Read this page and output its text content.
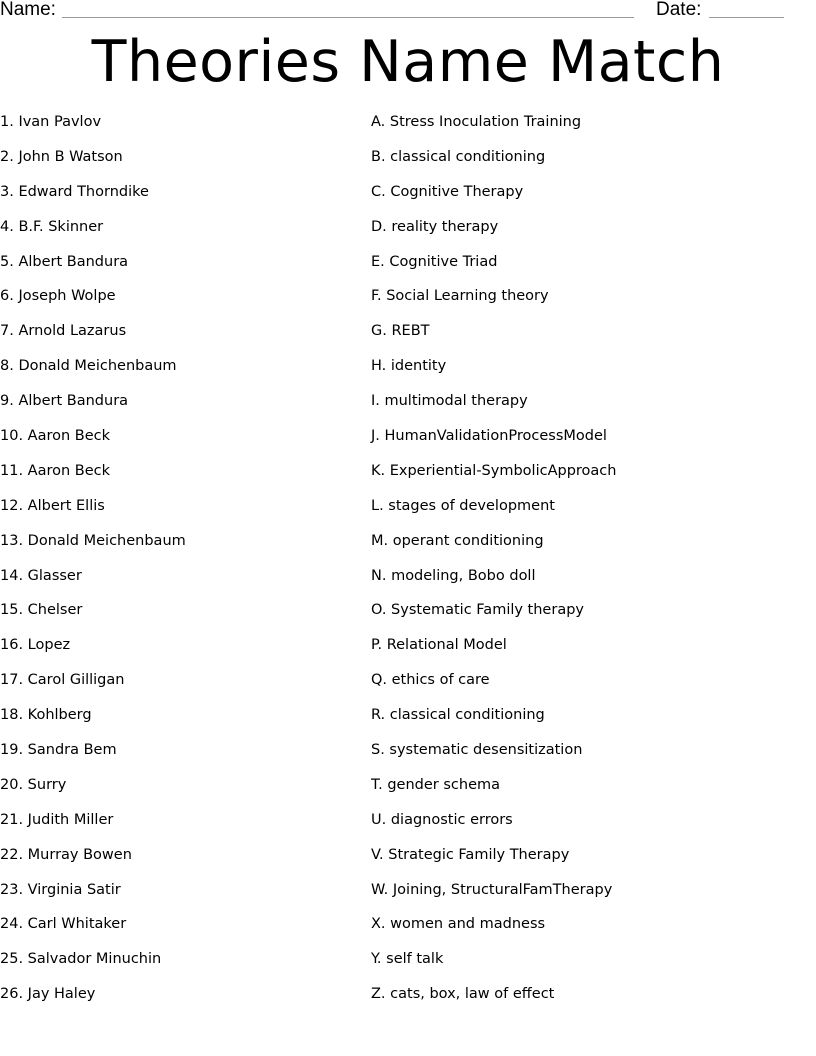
Name:	Date:
Theories Name Match
1. Ivan Pavlov
2. John B Watson
3. Edward Thorndike
4. B.F. Skinner
5. Albert Bandura
6. Joseph Wolpe
7. Arnold Lazarus
8. Donald Meichenbaum
9. Albert Bandura
10. Aaron Beck
11. Aaron Beck
12. Albert Ellis
13. Donald Meichenbaum
14. Glasser
15. Chelser
16. Lopez
17. Carol Gilligan
18. Kohlberg
19. Sandra Bem
20. Surry
21. Judith Miller
22. Murray Bowen
23. Virginia Satir
24. Carl Whitaker
25. Salvador Minuchin
26. Jay Haley
A. Stress Inoculation Training
B. classical conditioning
C. Cognitive Therapy
D. reality therapy
E. Cognitive Triad
F. Social Learning theory
G. REBT
H. identity
I. multimodal therapy
J. HumanValidationProcessModel
K. Experiential-SymbolicApproach
L. stages of development
M. operant conditioning
N. modeling, Bobo doll
O. Systematic Family therapy
P. Relational Model
Q. ethics of care
R. classical conditioning
S. systematic desensitization
T. gender schema
U. diagnostic errors
V. Strategic Family Therapy
W. Joining, StructuralFamTherapy
X. women and madness
Y. self talk
Z. cats, box, law of effect
